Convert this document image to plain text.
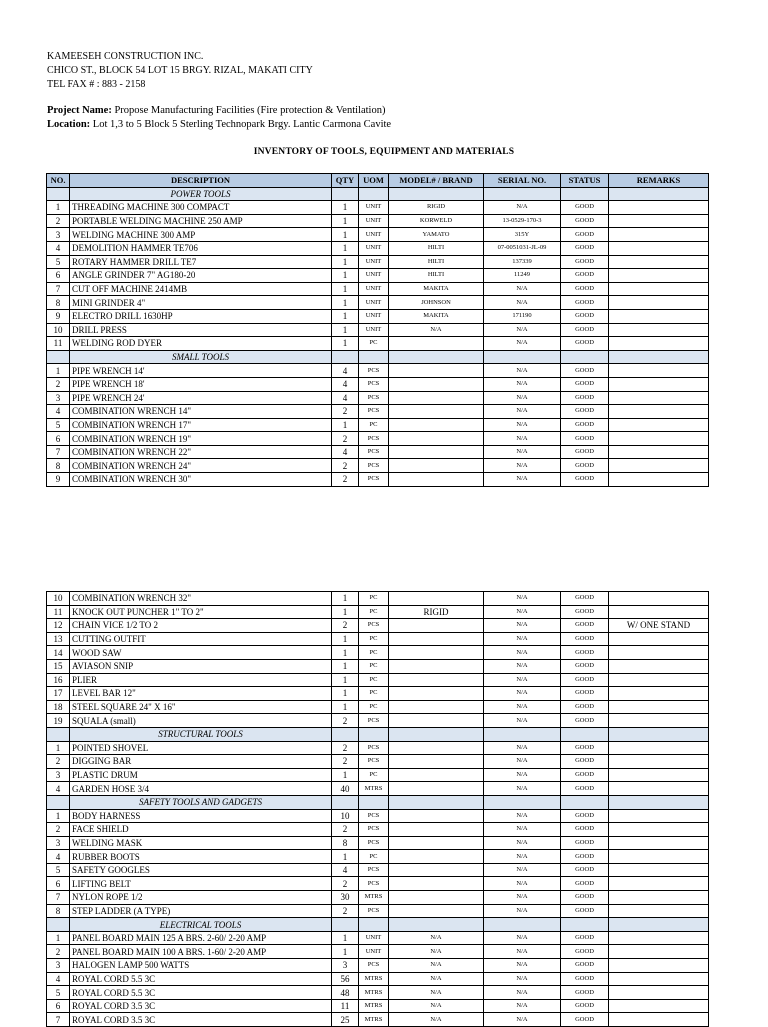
KAMEESEH CONSTRUCTION INC.
CHICO ST., BLOCK 54 LOT 15 BRGY. RIZAL, MAKATI CITY
TEL FAX # : 883 - 2158
Project Name: Propose Manufacturing Facilities (Fire protection & Ventilation)
Location: Lot 1,3 to 5 Block 5 Sterling Technopark Brgy. Lantic Carmona Cavite
INVENTORY OF TOOLS, EQUIPMENT AND MATERIALS
NO.	DESCRIPTION	QTY	UOM	MODEL# / BRAND	SERIAL NO.	STATUS	REMARKS
	POWER TOOLS						
1	THREADING MACHINE 300 COMPACT	1	UNIT	RIGID	N/A	GOOD	
2	PORTABLE WELDING MACHINE 250 AMP	1	UNIT	KORWELD	13-0529-170-3	GOOD	
3	WELDING MACHINE 300 AMP	1	UNIT	YAMATO	315Y	GOOD	
4	DEMOLITION HAMMER TE706	1	UNIT	HILTI	07-0051031-JL-09	GOOD	
5	ROTARY HAMMER DRILL TE7	1	UNIT	HILTI	137339	GOOD	
6	ANGLE GRINDER 7" AG180-20	1	UNIT	HILTI	11249	GOOD	
7	CUT OFF MACHINE 2414MB	1	UNIT	MAKITA	N/A	GOOD	
8	MINI GRINDER 4"	1	UNIT	JOHNSON	N/A	GOOD	
9	ELECTRO DRILL 1630HP	1	UNIT	MAKITA	171190	GOOD	
10	DRILL PRESS	1	UNIT	N/A	N/A	GOOD	
11	WELDING ROD DYER	1	PC		N/A	GOOD	
	SMALL TOOLS						
1	PIPE WRENCH 14'	4	PCS		N/A	GOOD	
2	PIPE WRENCH 18'	4	PCS		N/A	GOOD	
3	PIPE WRENCH 24'	4	PCS		N/A	GOOD	
4	COMBINATION WRENCH 14"	2	PCS		N/A	GOOD	
5	COMBINATION WRENCH 17"	1	PC		N/A	GOOD	
6	COMBINATION WRENCH 19"	2	PCS		N/A	GOOD	
7	COMBINATION WRENCH 22"	4	PCS		N/A	GOOD	
8	COMBINATION WRENCH 24"	2	PCS		N/A	GOOD	
9	COMBINATION WRENCH 30"	2	PCS		N/A	GOOD	
10	COMBINATION WRENCH 32"	1	PC		N/A	GOOD	
11	KNOCK OUT PUNCHER 1" TO 2"	1	PC	RIGID	N/A	GOOD	
12	CHAIN VICE 1/2 TO 2	2	PCS		N/A	GOOD	W/ ONE STAND
13	CUTTING OUTFIT	1	PC		N/A	GOOD	
14	WOOD SAW	1	PC		N/A	GOOD	
15	AVIASON SNIP	1	PC		N/A	GOOD	
16	PLIER	1	PC		N/A	GOOD	
17	LEVEL BAR 12"	1	PC		N/A	GOOD	
18	STEEL SQUARE 24" X 16"	1	PC		N/A	GOOD	
19	SQUALA (small)	2	PCS		N/A	GOOD	
	STRUCTURAL TOOLS						
1	POINTED SHOVEL	2	PCS		N/A	GOOD	
2	DIGGING BAR	2	PCS		N/A	GOOD	
3	PLASTIC DRUM	1	PC		N/A	GOOD	
4	GARDEN HOSE 3/4	40	MTRS		N/A	GOOD	
	SAFETY TOOLS AND GADGETS						
1	BODY HARNESS	10	PCS		N/A	GOOD	
2	FACE SHIELD	2	PCS		N/A	GOOD	
3	WELDING MASK	8	PCS		N/A	GOOD	
4	RUBBER BOOTS	1	PC		N/A	GOOD	
5	SAFETY GOOGLES	4	PCS		N/A	GOOD	
6	LIFTING BELT	2	PCS		N/A	GOOD	
7	NYLON ROPE 1/2	30	MTRS		N/A	GOOD	
8	STEP LADDER (A TYPE)	2	PCS		N/A	GOOD	
	ELECTRICAL TOOLS						
1	PANEL BOARD MAIN 125 A BRS. 2-60/ 2-20 AMP	1	UNIT	N/A	N/A	GOOD	
2	PANEL BOARD MAIN 100 A BRS. 1-60/ 2-20 AMP	1	UNIT	N/A	N/A	GOOD	
3	HALOGEN LAMP 500 WATTS	3	PCS	N/A	N/A	GOOD	
4	ROYAL CORD 5.5 3C	56	MTRS	N/A	N/A	GOOD	
5	ROYAL CORD 5.5 3C	48	MTRS	N/A	N/A	GOOD	
6	ROYAL CORD 3.5 3C	11	MTRS	N/A	N/A	GOOD	
7	ROYAL CORD 3.5 3C	25	MTRS	N/A	N/A	GOOD	
